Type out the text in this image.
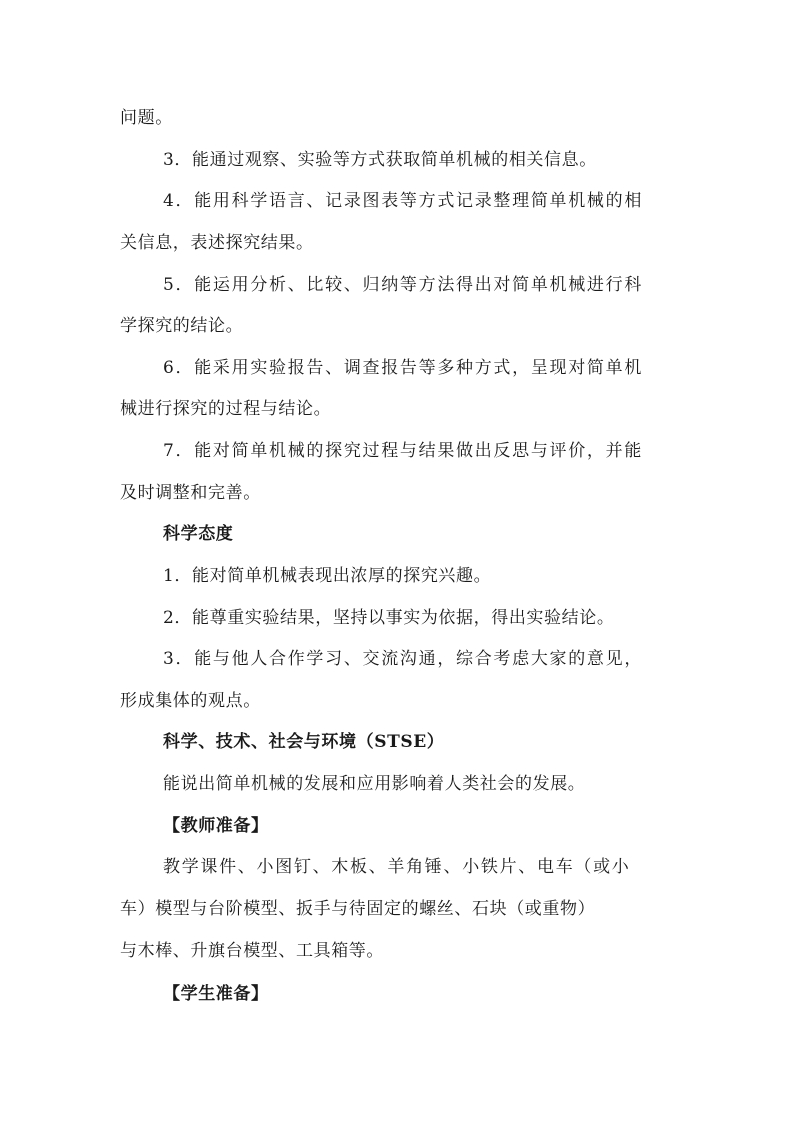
问题。
3．能通过观察、实验等方式获取简单机械的相关信息。
4．能用科学语言、记录图表等方式记录整理简单机械的相
关信息，表述探究结果。
5．能运用分析、比较、归纳等方法得出对简单机械进行科
学探究的结论。
6．能采用实验报告、调查报告等多种方式，呈现对简单机
械进行探究的过程与结论。
7．能对简单机械的探究过程与结果做出反思与评价，并能
及时调整和完善。
科学态度
1．能对简单机械表现出浓厚的探究兴趣。
2．能尊重实验结果，坚持以事实为依据，得出实验结论。
3．能与他人合作学习、交流沟通，综合考虑大家的意见，
形成集体的观点。
科学、技术、社会与环境（STSE）
能说出简单机械的发展和应用影响着人类社会的发展。
【教师准备】
教学课件、小图钉、木板、羊角锤、小铁片、电车（或小
车）模型与台阶模型、扳手与待固定的螺丝、石块（或重物）
与木棒、升旗台模型、工具箱等。
【学生准备】
